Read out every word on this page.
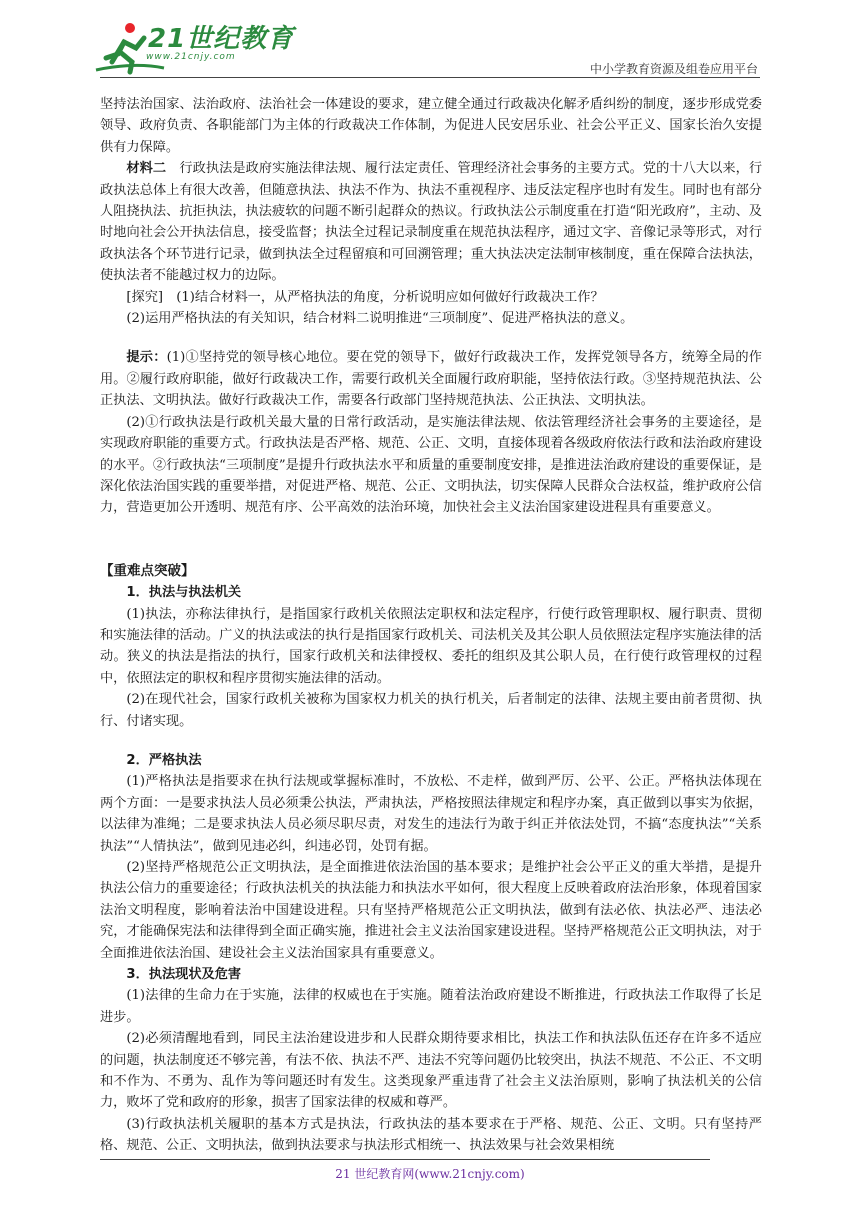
21世纪教育
www.21cnjy.com
中小学教育资源及组卷应用平台

坚持法治国家、法治政府、法治社会一体建设的要求，建立健全通过行政裁决化解矛盾纠纷的制度，逐步形成党委领导、政府负责、各职能部门为主体的行政裁决工作体制，为促进人民安居乐业、社会公平正义、国家长治久安提供有力保障。

材料二　行政执法是政府实施法律法规、履行法定责任、管理经济社会事务的主要方式。党的十八大以来，行政执法总体上有很大改善，但随意执法、执法不作为、执法不重视程序、违反法定程序也时有发生。同时也有部分人阻挠执法、抗拒执法，执法疲软的问题不断引起群众的热议。行政执法公示制度重在打造“阳光政府”，主动、及时地向社会公开执法信息，接受监督；执法全过程记录制度重在规范执法程序，通过文字、音像记录等形式，对行政执法各个环节进行记录，做到执法全过程留痕和可回溯管理；重大执法决定法制审核制度，重在保障合法执法，使执法者不能越过权力的边际。

[探究]　(1)结合材料一，从严格执法的角度，分析说明应如何做好行政裁决工作？

(2)运用严格执法的有关知识，结合材料二说明推进“三项制度”、促进严格执法的意义。

提示：(1)①坚持党的领导核心地位。要在党的领导下，做好行政裁决工作，发挥党领导各方，统筹全局的作用。②履行政府职能，做好行政裁决工作，需要行政机关全面履行政府职能，坚持依法行政。③坚持规范执法、公正执法、文明执法。做好行政裁决工作，需要各行政部门坚持规范执法、公正执法、文明执法。

(2)①行政执法是行政机关最大量的日常行政活动，是实施法律法规、依法管理经济社会事务的主要途径，是实现政府职能的重要方式。行政执法是否严格、规范、公正、文明，直接体现着各级政府依法行政和法治政府建设的水平。②行政执法“三项制度”是提升行政执法水平和质量的重要制度安排，是推进法治政府建设的重要保证，是深化依法治国实践的重要举措，对促进严格、规范、公正、文明执法，切实保障人民群众合法权益，维护政府公信力，营造更加公开透明、规范有序、公平高效的法治环境，加快社会主义法治国家建设进程具有重要意义。

【重难点突破】
1．执法与执法机关

(1)执法，亦称法律执行，是指国家行政机关依照法定职权和法定程序，行使行政管理职权、履行职责、贯彻和实施法律的活动。广义的执法或法的执行是指国家行政机关、司法机关及其公职人员依照法定程序实施法律的活动。狭义的执法是指法的执行，国家行政机关和法律授权、委托的组织及其公职人员，在行使行政管理权的过程中，依照法定的职权和程序贯彻实施法律的活动。

(2)在现代社会，国家行政机关被称为国家权力机关的执行机关，后者制定的法律、法规主要由前者贯彻、执行、付诸实现。

2．严格执法

(1)严格执法是指要求在执行法规或掌握标准时，不放松、不走样，做到严厉、公平、公正。严格执法体现在两个方面：一是要求执法人员必须秉公执法，严肃执法，严格按照法律规定和程序办案，真正做到以事实为依据，以法律为准绳；二是要求执法人员必须尽职尽责，对发生的违法行为敢于纠正并依法处罚，不搞“态度执法”“关系执法”“人情执法”，做到见违必纠，纠违必罚，处罚有据。

(2)坚持严格规范公正文明执法，是全面推进依法治国的基本要求；是维护社会公平正义的重大举措，是提升执法公信力的重要途径；行政执法机关的执法能力和执法水平如何，很大程度上反映着政府法治形象，体现着国家法治文明程度，影响着法治中国建设进程。只有坚持严格规范公正文明执法，做到有法必依、执法必严、违法必究，才能确保宪法和法律得到全面正确实施，推进社会主义法治国家建设进程。坚持严格规范公正文明执法，对于全面推进依法治国、建设社会主义法治国家具有重要意义。

3．执法现状及危害

(1)法律的生命力在于实施，法律的权威也在于实施。随着法治政府建设不断推进，行政执法工作取得了长足进步。

(2)必须清醒地看到，同民主法治建设进步和人民群众期待要求相比，执法工作和执法队伍还存在许多不适应的问题，执法制度还不够完善，有法不依、执法不严、违法不究等问题仍比较突出，执法不规范、不公正、不文明和不作为、不勇为、乱作为等问题还时有发生。这类现象严重违背了社会主义法治原则，影响了执法机关的公信力，败坏了党和政府的形象，损害了国家法律的权威和尊严。

(3)行政执法机关履职的基本方式是执法，行政执法的基本要求在于严格、规范、公正、文明。只有坚持严格、规范、公正、文明执法，做到执法要求与执法形式相统一、执法效果与社会效果相统

21 世纪教育网(www.21cnjy.com)
